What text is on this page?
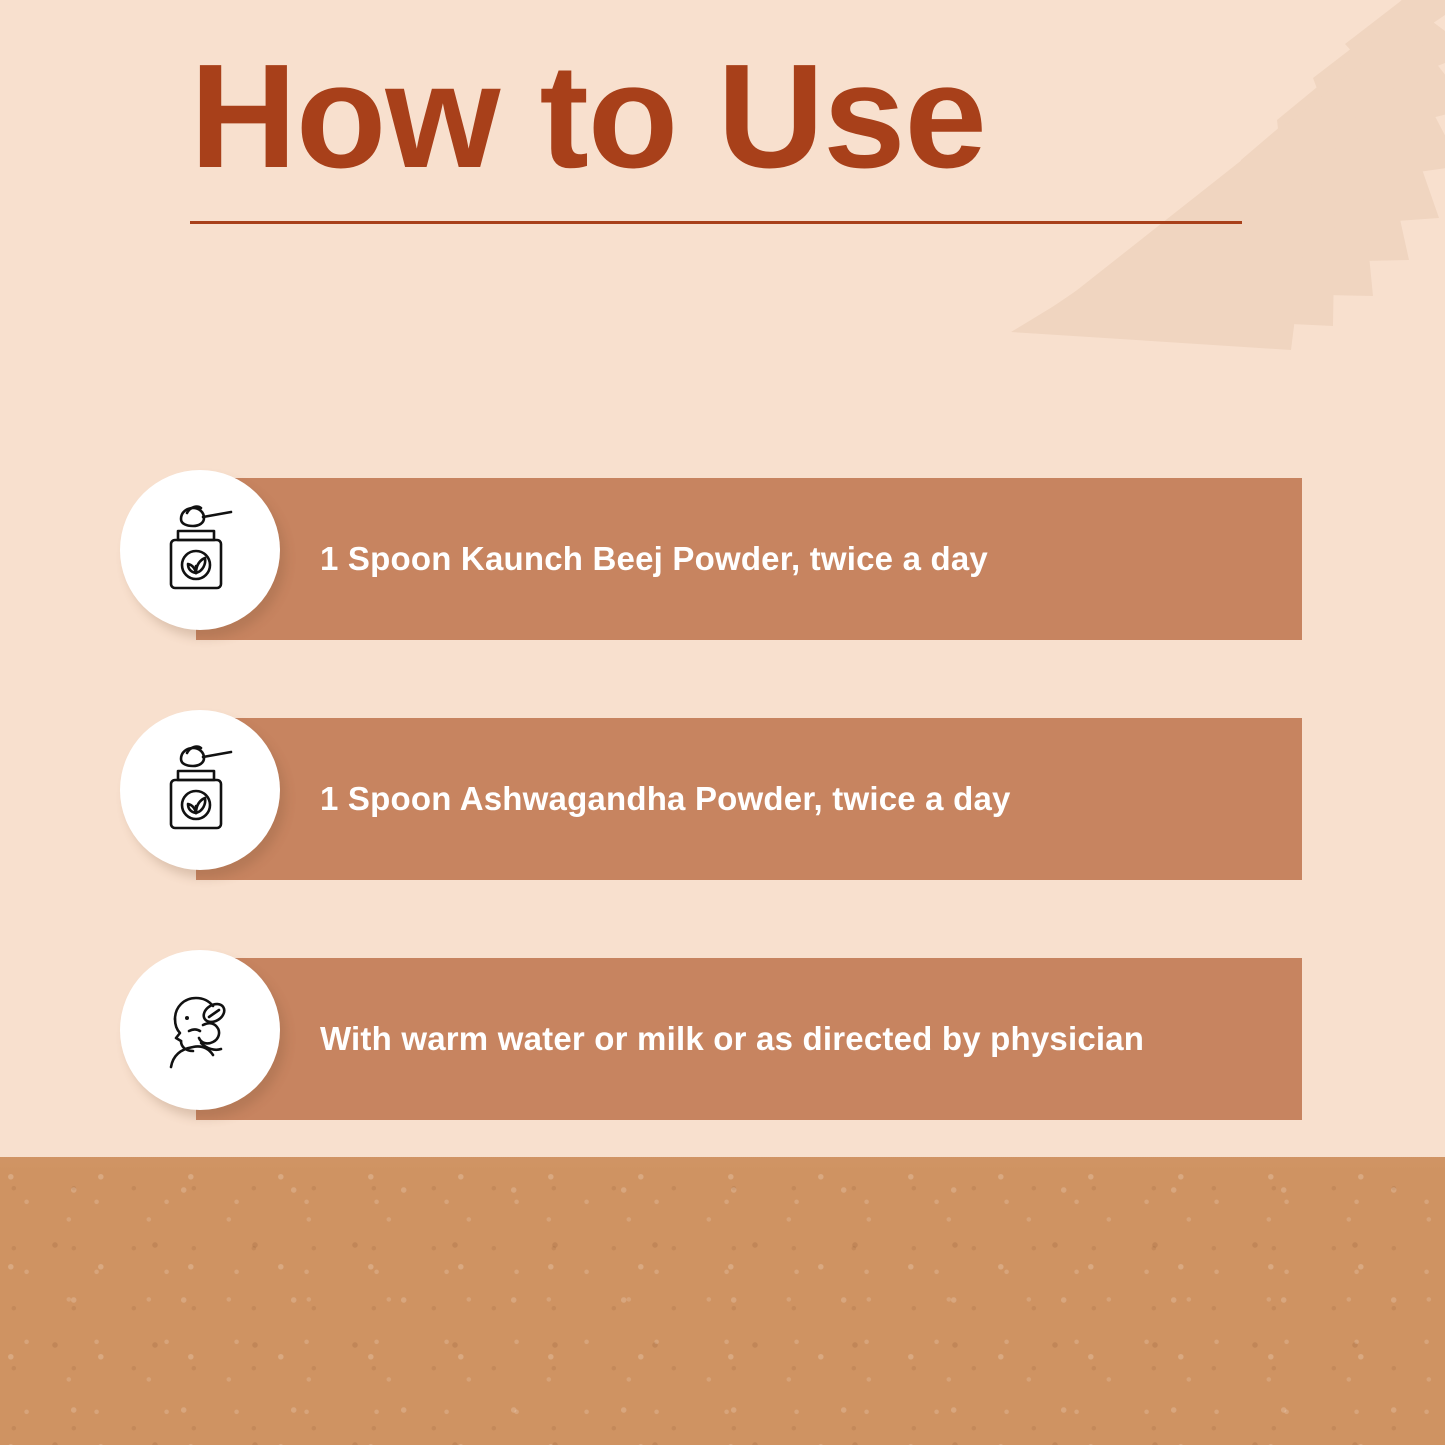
How to Use
1 Spoon Kaunch Beej Powder, twice a day
1 Spoon Ashwagandha Powder, twice a day
With warm water or milk or as directed by physician
